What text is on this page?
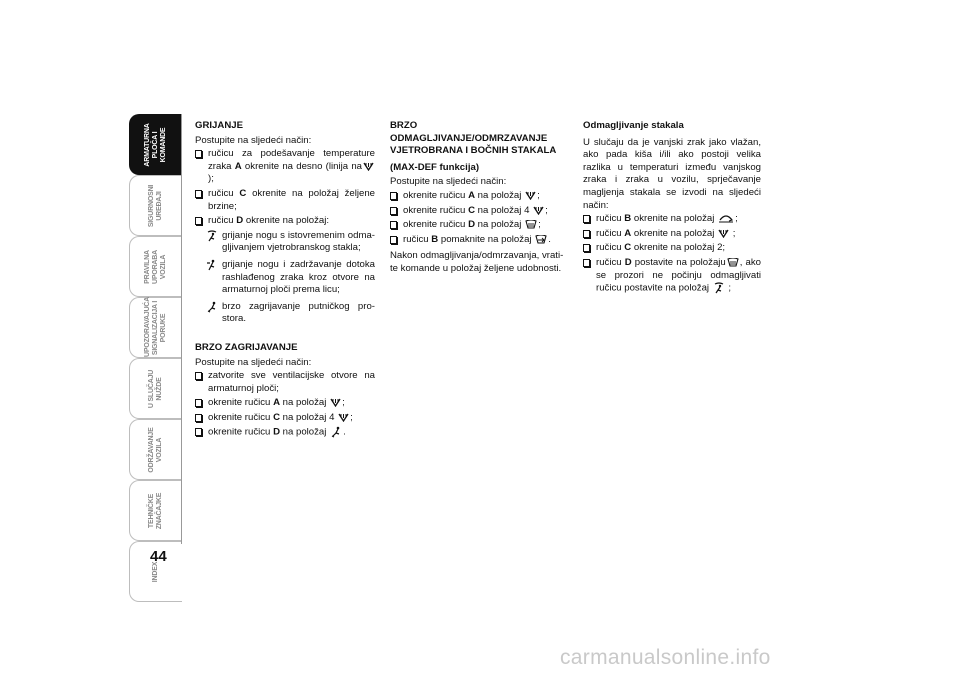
ARMATURNA
PLOČA I
KOMANDE
SIGURNOSNI
UREĐAJI
PRAVILNA
UPORABA
VOZILA
UPOZORAVAJUĆA
SIGNALIZACIJA I
PORUKE
U SLUČAJU
NUŽDE
ODRŽAVANJE
VOZILA
TEHNIČKE
ZNAČAJKE
INDEX
44
GRIJANJE
Postupite na sljedeći način:
ručicu za podešavanje temperature zraka A okrenite na desno (linija na);
ručicu C okrenite na položaj željene brzine;
ručicu D okrenite na položaj:
grijanje nogu s istovremenim odma-gljivanjem vjetrobranskog stakla;
grijanje nogu i zadržavanje dotoka rashlađenog zraka kroz otvore na armaturnoj ploči prema licu;
brzo zagrijavanje putničkog pro-stora.
BRZO ZAGRIJAVANJE
Postupite na sljedeći način:
zatvorite sve ventilacijske otvore na armaturnoj ploči;
okrenite ručicu A na položaj ;
okrenite ručicu C na položaj 4 ;
okrenite ručicu D na položaj .
BRZO ODMAGLJIVANJE/ODMRZAVANJE VJETROBRANA I BOČNIH STAKALA
(MAX-DEF funkcija)
Postupite na sljedeći način:
okrenite ručicu A na položaj ;
okrenite ručicu C na položaj 4 ;
okrenite ručicu D na položaj ;
ručicu B pomaknite na položaj .
Nakon odmagljivanja/odmrzavanja, vrati-te komande u položaj željene udobnosti.
Odmagljivanje stakala
U slučaju da je vanjski zrak jako vlažan, ako pada kiša i/ili ako postoji velika razlika u temperaturi između vanjskog zraka i zraka u vozilu, sprječavanje magljenja stakala se izvodi na sljedeći način:
ručicu B okrenite na položaj ;
ručicu A okrenite na položaj  ;
ručicu C okrenite na položaj 2;
ručicu D postavite na položaju , ako se prozori ne počinju odmagljivati ručicu postavite na položaj  ;
carmanualsonline.info
